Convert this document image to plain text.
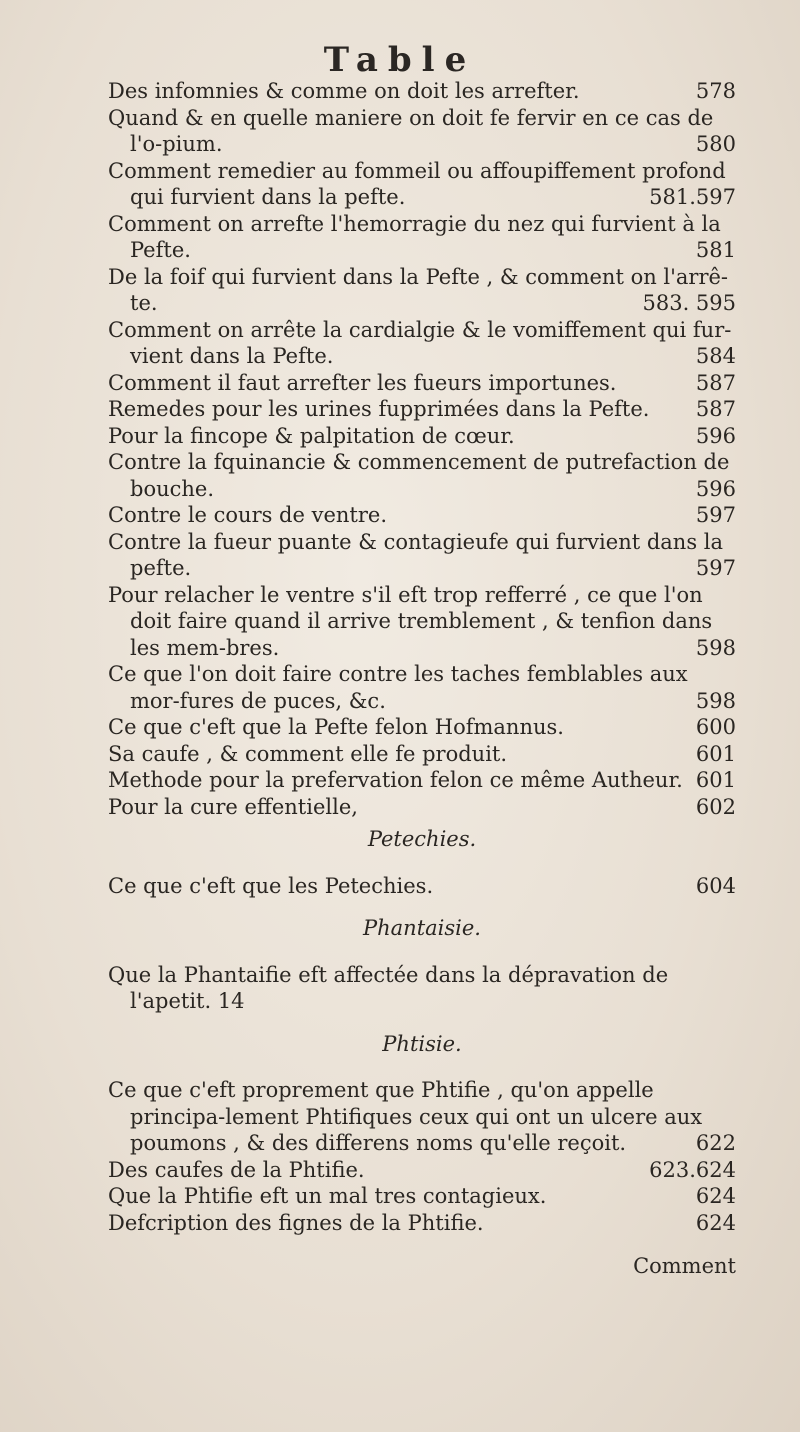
Table
Des infomnies & comme on doit les arrefter.	578
Quand & en quelle maniere on doit fe fervir en ce cas de l'o-pium.	580
Comment remedier au fommeil ou affoupiffement profond qui furvient dans la pefte.	581.597
Comment on arrefte l'hemorragie du nez qui furvient à la Pefte.	581
De la foif qui furvient dans la Pefte , & comment on l'arrê-te.	583. 595
Comment on arrête la cardialgie & le vomiffement qui fur-vient dans la Pefte.	584
Comment il faut arrefter les fueurs importunes.	587
Remedes pour les urines fupprimées dans la Pefte. 587
Pour la fincope & palpitation de cœur.	596
Contre la fquinancie & commencement de putrefaction de bouche.	596
Contre le cours de ventre.	597
Contre la fueur puante & contagieufe qui furvient dans la pefte.	597
Pour relacher le ventre s'il eft trop refferré , ce que l'on doit faire quand il arrive tremblement , & tenfion dans les mem-bres.	598
Ce que l'on doit faire contre les taches femblables aux mor-fures de puces, &c.	598
Ce que c'eft que la Pefte felon Hofmannus.	600
Sa caufe , & comment elle fe produit.	601
Methode pour la prefervation felon ce même Autheur. 601
Pour la cure effentielle,	602
Petechies.
Ce que c'eft que les Petechies.	604
Phantaisie.
Que la Phantaifie eft affectée dans la dépravation de l'apetit. 14
Phtisie.
Ce que c'eft proprement que Phtifie , qu'on appelle principa-lement Phtifiques ceux qui ont un ulcere aux poumons , & des differens noms qu'elle reçoit.	622
Des caufes de la Phtifie.	623.624
Que la Phtifie eft un mal tres contagieux.	624
Defcription des fignes de la Phtifie.	624
Comment
